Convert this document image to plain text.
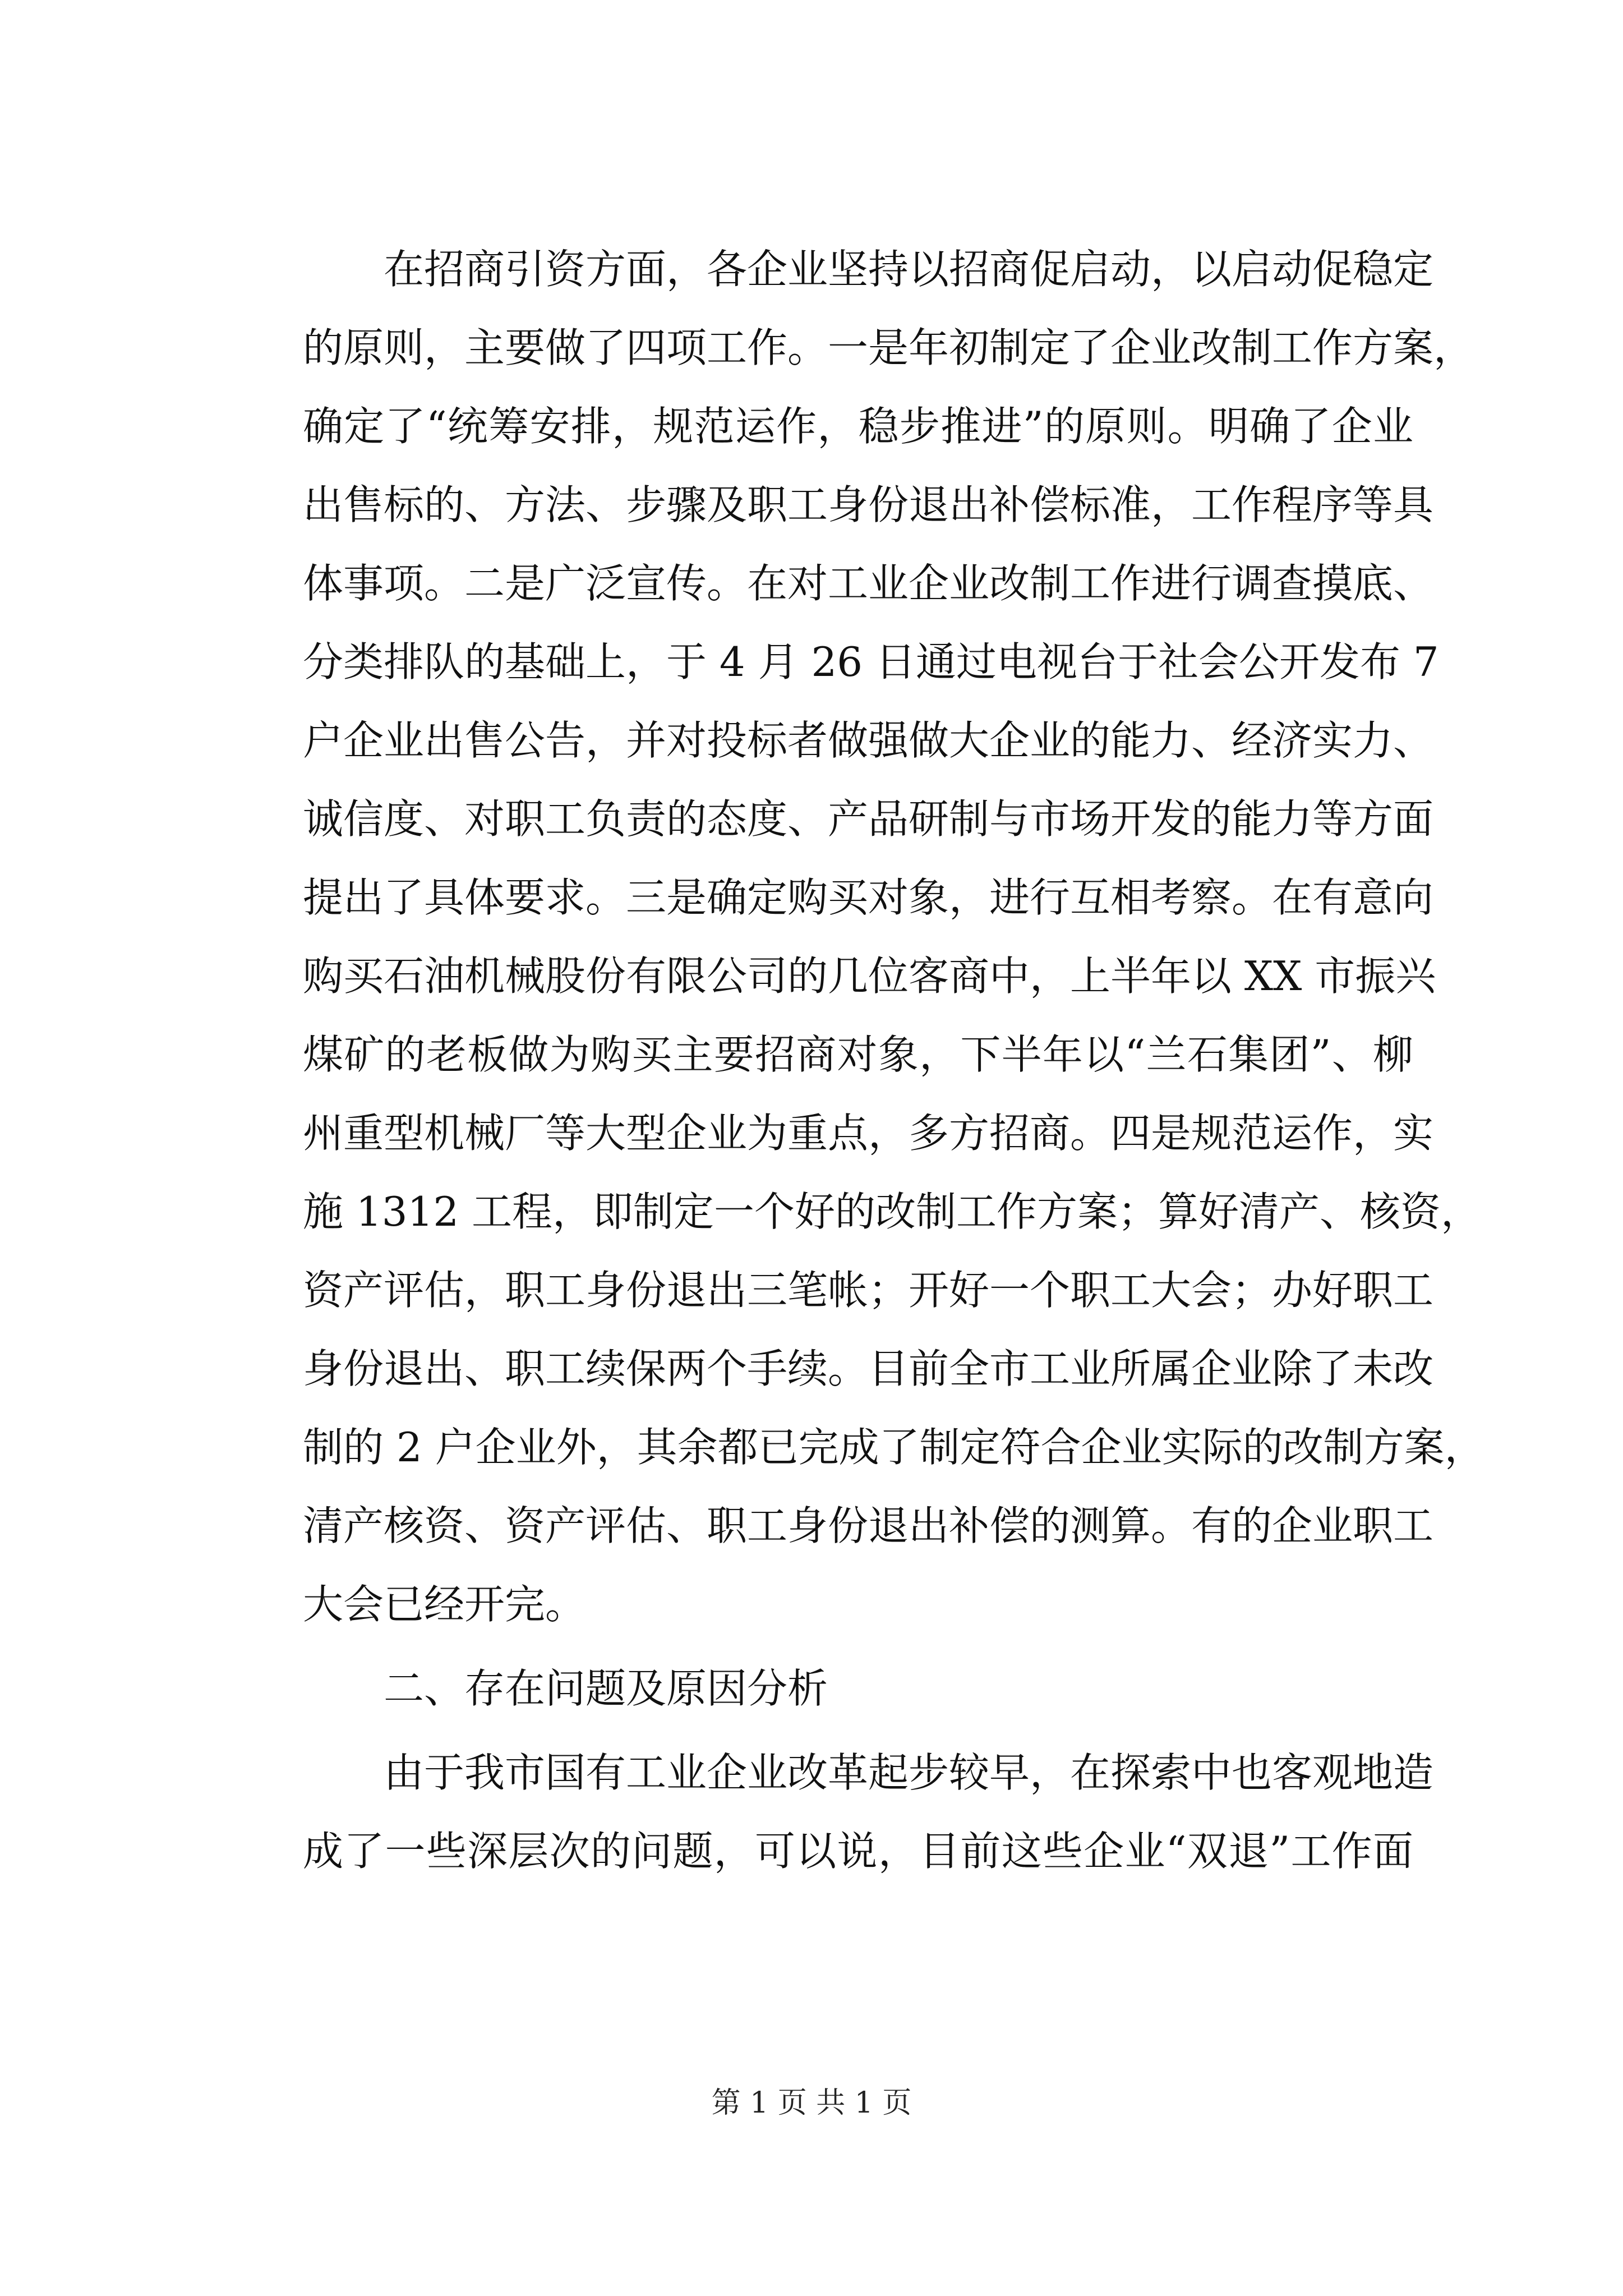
　　在招商引资方面，各企业坚持以招商促启动，以启动促稳定
的原则，主要做了四项工作。一是年初制定了企业改制工作方案，
确定了“统筹安排，规范运作，稳步推进”的原则。明确了企业
出售标的、方法、步骤及职工身份退出补偿标准，工作程序等具
体事项。二是广泛宣传。在对工业企业改制工作进行调查摸底、
分类排队的基础上，于 4 月 26 日通过电视台于社会公开发布 7
户企业出售公告，并对投标者做强做大企业的能力、经济实力、
诚信度、对职工负责的态度、产品研制与市场开发的能力等方面
提出了具体要求。三是确定购买对象，进行互相考察。在有意向
购买石油机械股份有限公司的几位客商中，上半年以 XX 市振兴
煤矿的老板做为购买主要招商对象，下半年以“兰石集团”、柳
州重型机械厂等大型企业为重点，多方招商。四是规范运作，实
施 1312 工程，即制定一个好的改制工作方案；算好清产、核资，
资产评估，职工身份退出三笔帐；开好一个职工大会；办好职工
身份退出、职工续保两个手续。目前全市工业所属企业除了未改
制的 2 户企业外，其余都已完成了制定符合企业实际的改制方案，
清产核资、资产评估、职工身份退出补偿的测算。有的企业职工
大会已经开完。
　　二、存在问题及原因分析
　　由于我市国有工业企业改革起步较早，在探索中也客观地造
成了一些深层次的问题，可以说，目前这些企业“双退”工作面
第 1 页 共 1 页
